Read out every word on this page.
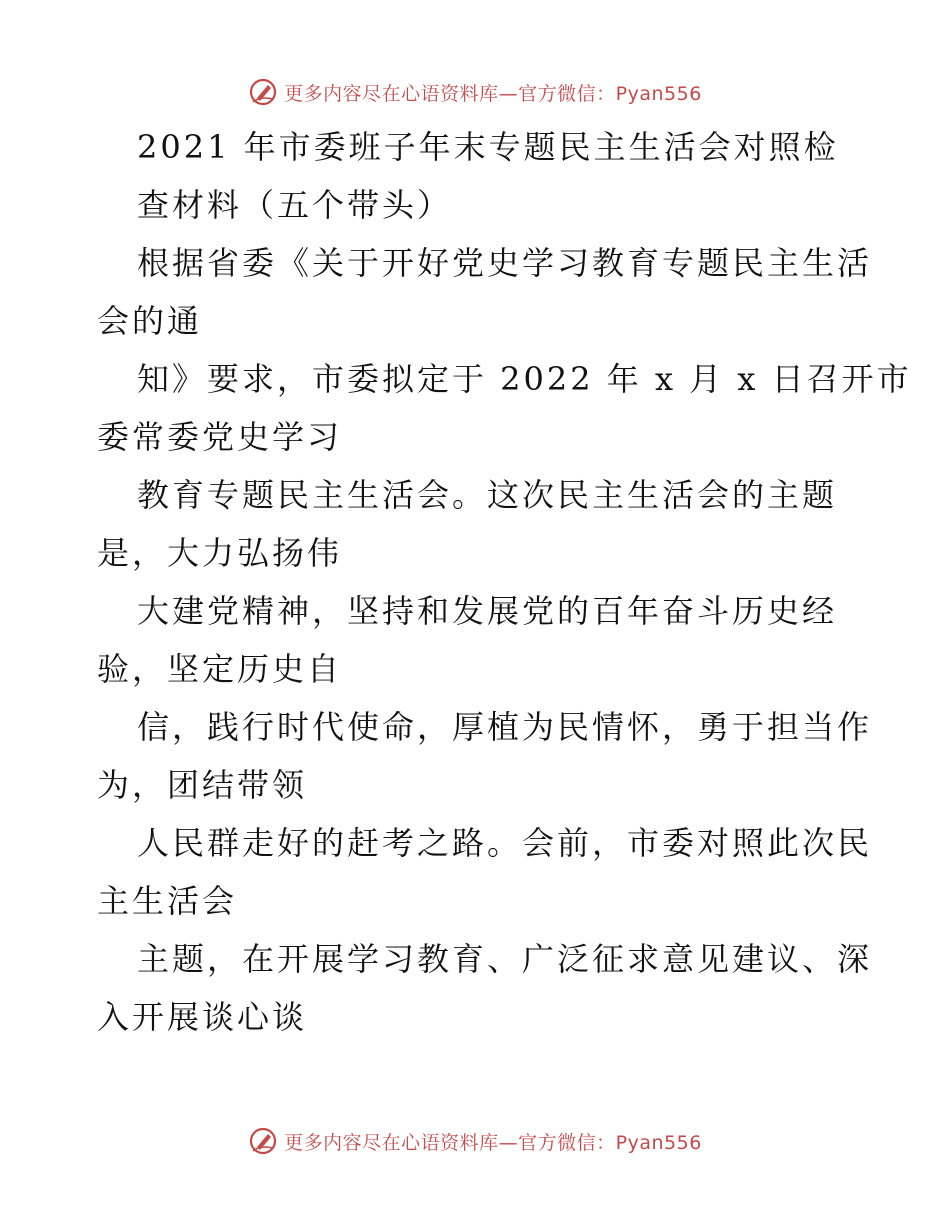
更多内容尽在心语资料库—官方微信：Pyan556
2021 年市委班子年末专题民主生活会对照检
查材料（五个带头）
根据省委《关于开好党史学习教育专题民主生活
会的通
知》要求，市委拟定于 2022 年 x 月 x 日召开市
委常委党史学习
教育专题民主生活会。这次民主生活会的主题
是，大力弘扬伟
大建党精神，坚持和发展党的百年奋斗历史经
验，坚定历史自
信，践行时代使命，厚植为民情怀，勇于担当作
为，团结带领
人民群走好的赶考之路。会前，市委对照此次民
主生活会
主题，在开展学习教育、广泛征求意见建议、深
入开展谈心谈
更多内容尽在心语资料库—官方微信：Pyan556
